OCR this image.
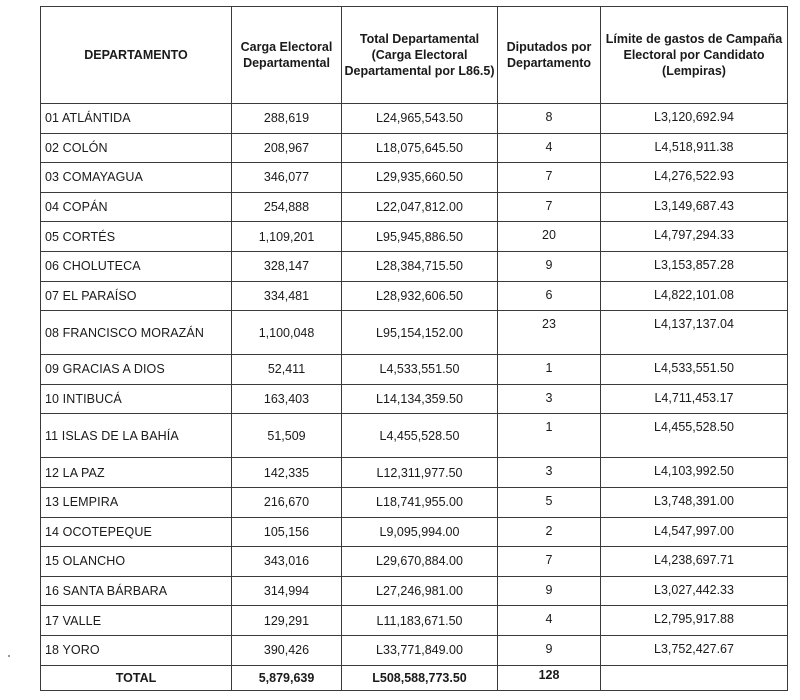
DEPARTAMENTO	Carga Electoral Departamental	Total Departamental (Carga Electoral Departamental por L86.5)	Diputados por Departamento	Límite de gastos de Campaña Electoral por Candidato (Lempiras)
01 ATLÁNTIDA	288,619	L24,965,543.50	8	L3,120,692.94
02 COLÓN	208,967	L18,075,645.50	4	L4,518,911.38
03 COMAYAGUA	346,077	L29,935,660.50	7	L4,276,522.93
04 COPÁN	254,888	L22,047,812.00	7	L3,149,687.43
05 CORTÉS	1,109,201	L95,945,886.50	20	L4,797,294.33
06 CHOLUTECA	328,147	L28,384,715.50	9	L3,153,857.28
07 EL PARAÍSO	334,481	L28,932,606.50	6	L4,822,101.08
08 FRANCISCO MORAZÁN	1,100,048	L95,154,152.00	23	L4,137,137.04
09 GRACIAS A DIOS	52,411	L4,533,551.50	1	L4,533,551.50
10 INTIBUCÁ	163,403	L14,134,359.50	3	L4,711,453.17
11 ISLAS DE LA BAHÍA	51,509	L4,455,528.50	1	L4,455,528.50
12 LA PAZ	142,335	L12,311,977.50	3	L4,103,992.50
13 LEMPIRA	216,670	L18,741,955.00	5	L3,748,391.00
14 OCOTEPEQUE	105,156	L9,095,994.00	2	L4,547,997.00
15 OLANCHO	343,016	L29,670,884.00	7	L4,238,697.71
16 SANTA BÁRBARA	314,994	L27,246,981.00	9	L3,027,442.33
17 VALLE	129,291	L11,183,671.50	4	L2,795,917.88
18 YORO	390,426	L33,771,849.00	9	L3,752,427.67
TOTAL	5,879,639	L508,588,773.50	128	
